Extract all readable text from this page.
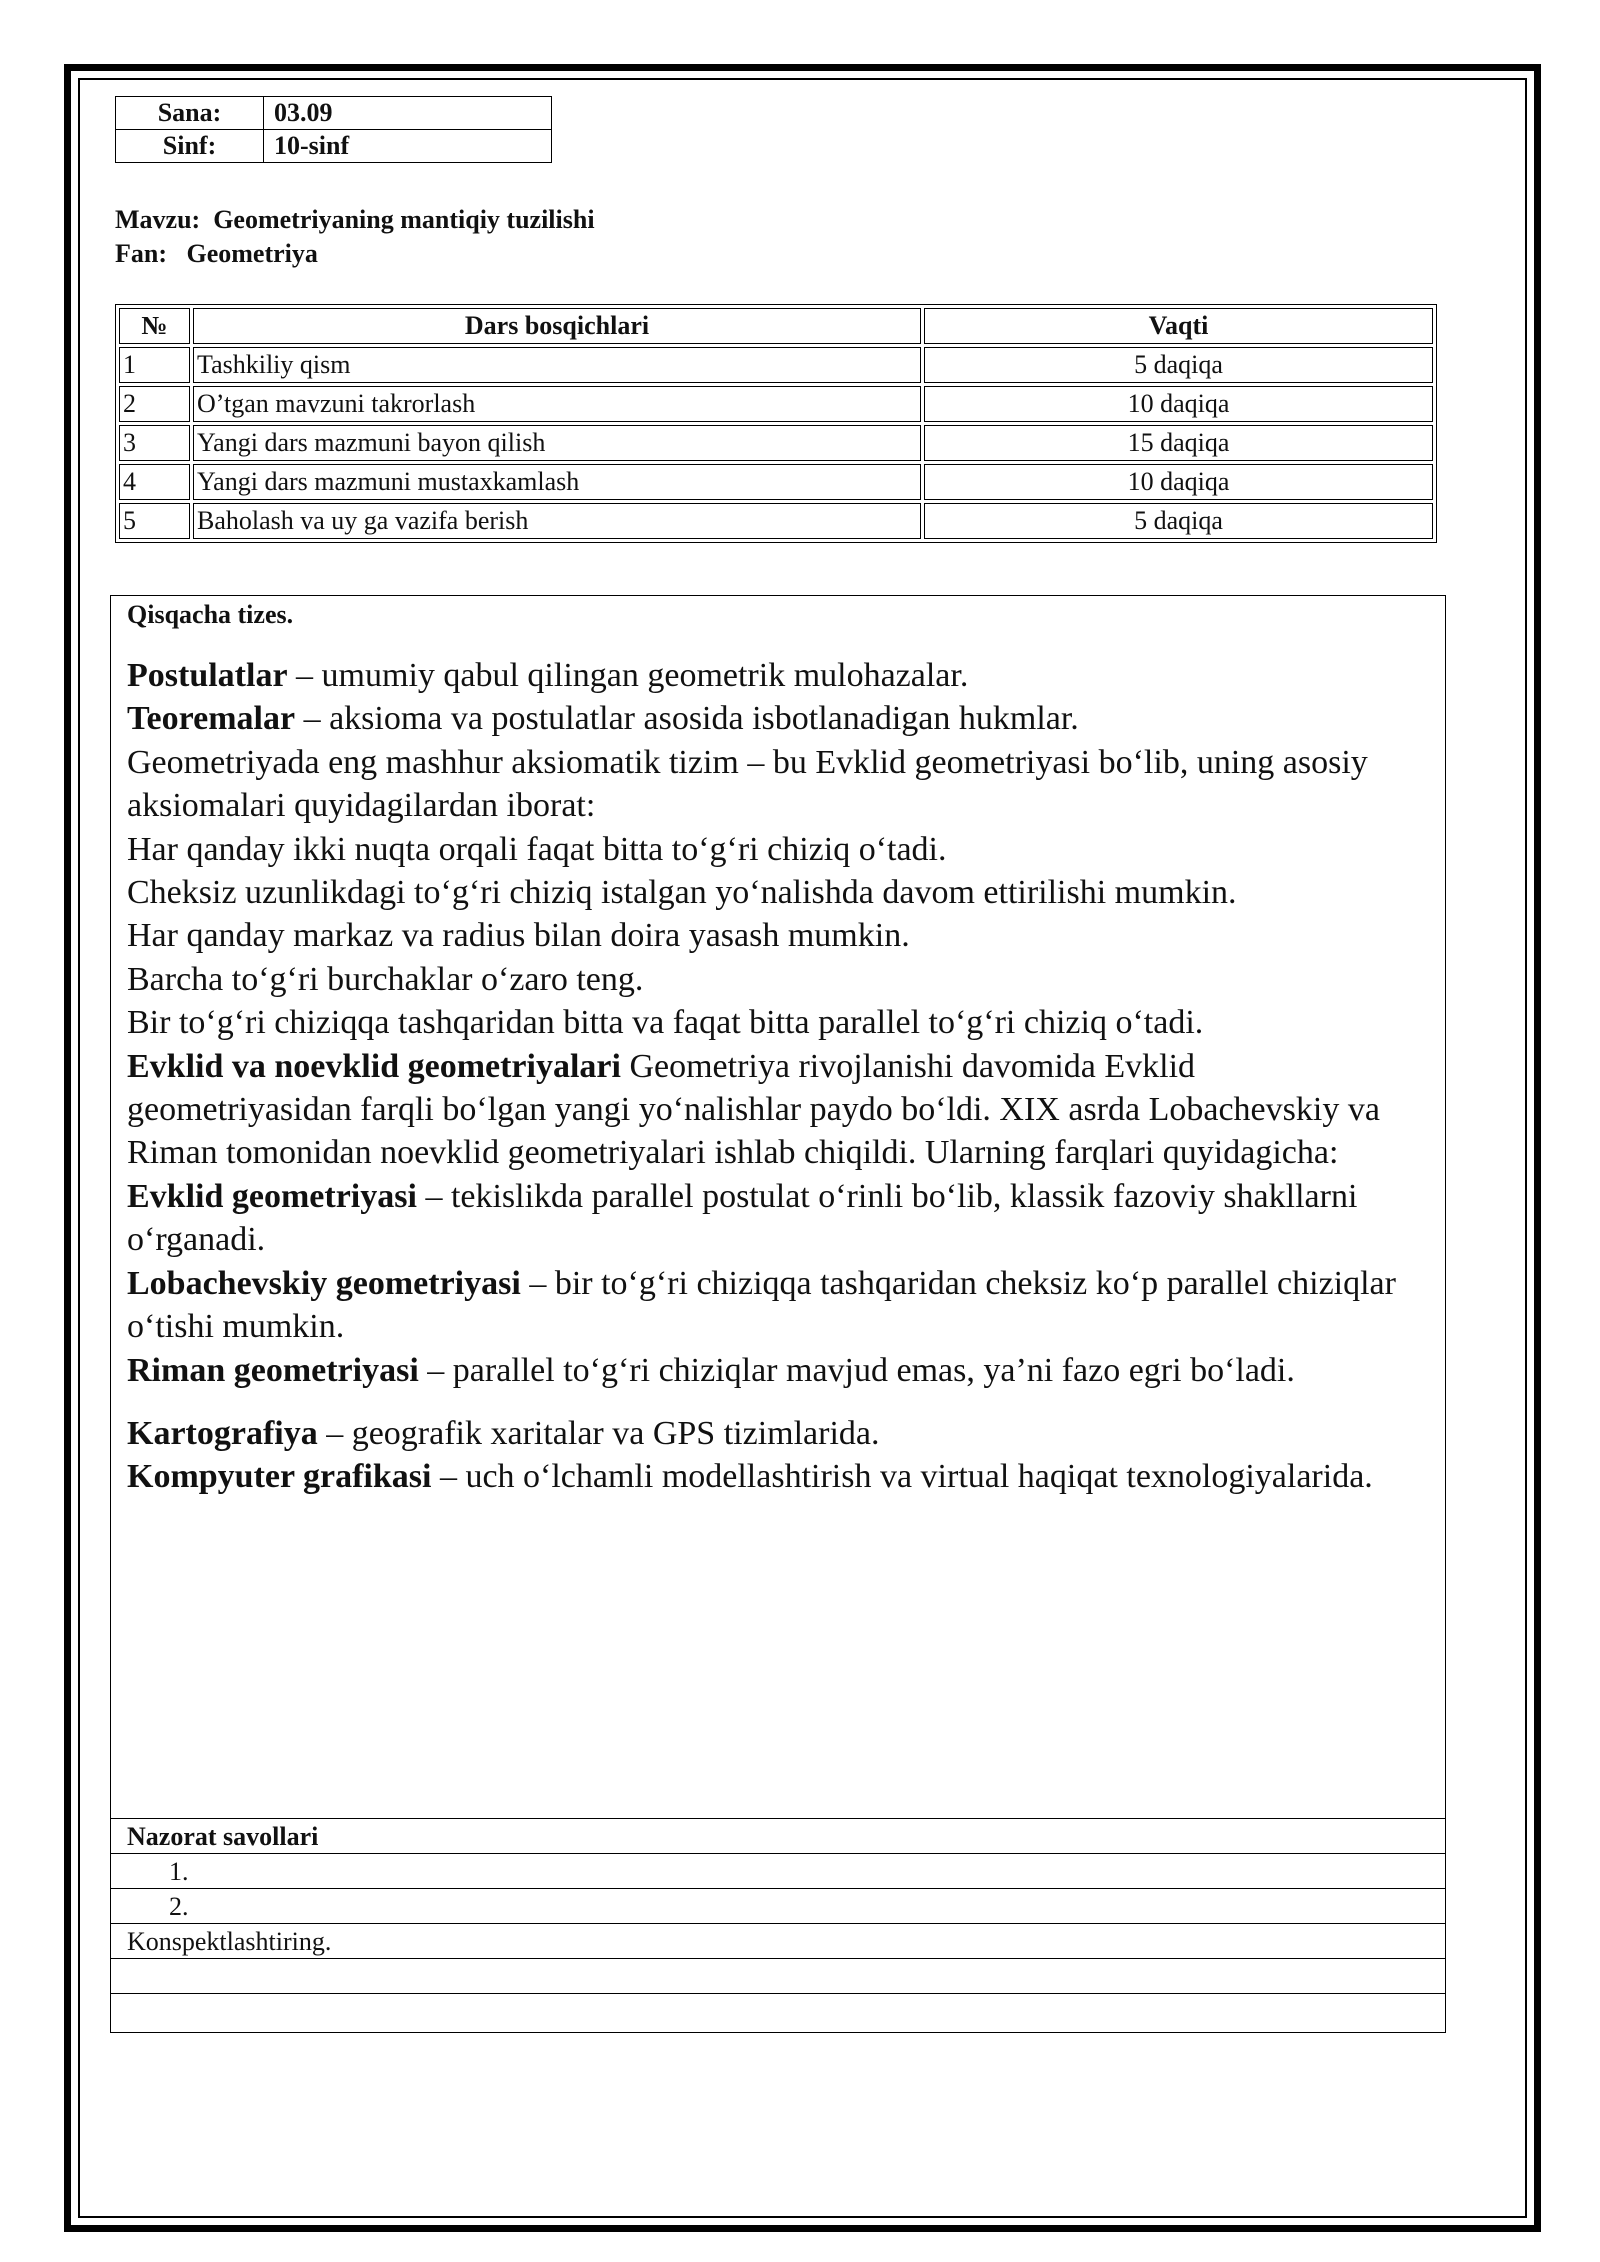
Sana:	03.09
Sinf:	10-sinf
Mavzu: Geometriyaning mantiqiy tuzilishi
Fan: Geometriya
№	Dars bosqichlari	Vaqti
1	Tashkiliy qism	5 daqiqa
2	O’tgan mavzuni takrorlash	10 daqiqa
3	Yangi dars mazmuni bayon qilish	15 daqiqa
4	Yangi dars mazmuni mustaxkamlash	10 daqiqa
5	Baholash va uy ga vazifa berish	5 daqiqa
Qisqacha tizes.

Postulatlar – umumiy qabul qilingan geometrik mulohazalar.

Teoremalar – aksioma va postulatlar asosida isbotlanadigan hukmlar.

Geometriyada eng mashhur aksiomatik tizim – bu Evklid geometriyasi bo‘lib, uning asosiy aksiomalari quyidagilardan iborat:

Har qanday ikki nuqta orqali faqat bitta to‘g‘ri chiziq o‘tadi.

Cheksiz uzunlikdagi to‘g‘ri chiziq istalgan yo‘nalishda davom ettirilishi mumkin.

Har qanday markaz va radius bilan doira yasash mumkin.

Barcha to‘g‘ri burchaklar o‘zaro teng.

Bir to‘g‘ri chiziqqa tashqaridan bitta va faqat bitta parallel to‘g‘ri chiziq o‘tadi.

Evklid va noevklid geometriyalari Geometriya rivojlanishi davomida Evklid geometriyasidan farqli bo‘lgan yangi yo‘nalishlar paydo bo‘ldi. XIX asrda Lobachevskiy va Riman tomonidan noevklid geometriyalari ishlab chiqildi. Ularning farqlari quyidagicha:

Evklid geometriyasi – tekislikda parallel postulat o‘rinli bo‘lib, klassik fazoviy shakllarni o‘rganadi.

Lobachevskiy geometriyasi – bir to‘g‘ri chiziqqa tashqaridan cheksiz ko‘p parallel chiziqlar o‘tishi mumkin.

Riman geometriyasi – parallel to‘g‘ri chiziqlar mavjud emas, ya’ni fazo egri bo‘ladi.

Kartografiya – geografik xaritalar va GPS tizimlarida.

Kompyuter grafikasi – uch o‘lchamli modellashtirish va virtual haqiqat texnologiyalarida.

Nazorat savollari
1.
2.
Konspektlashtiring.
